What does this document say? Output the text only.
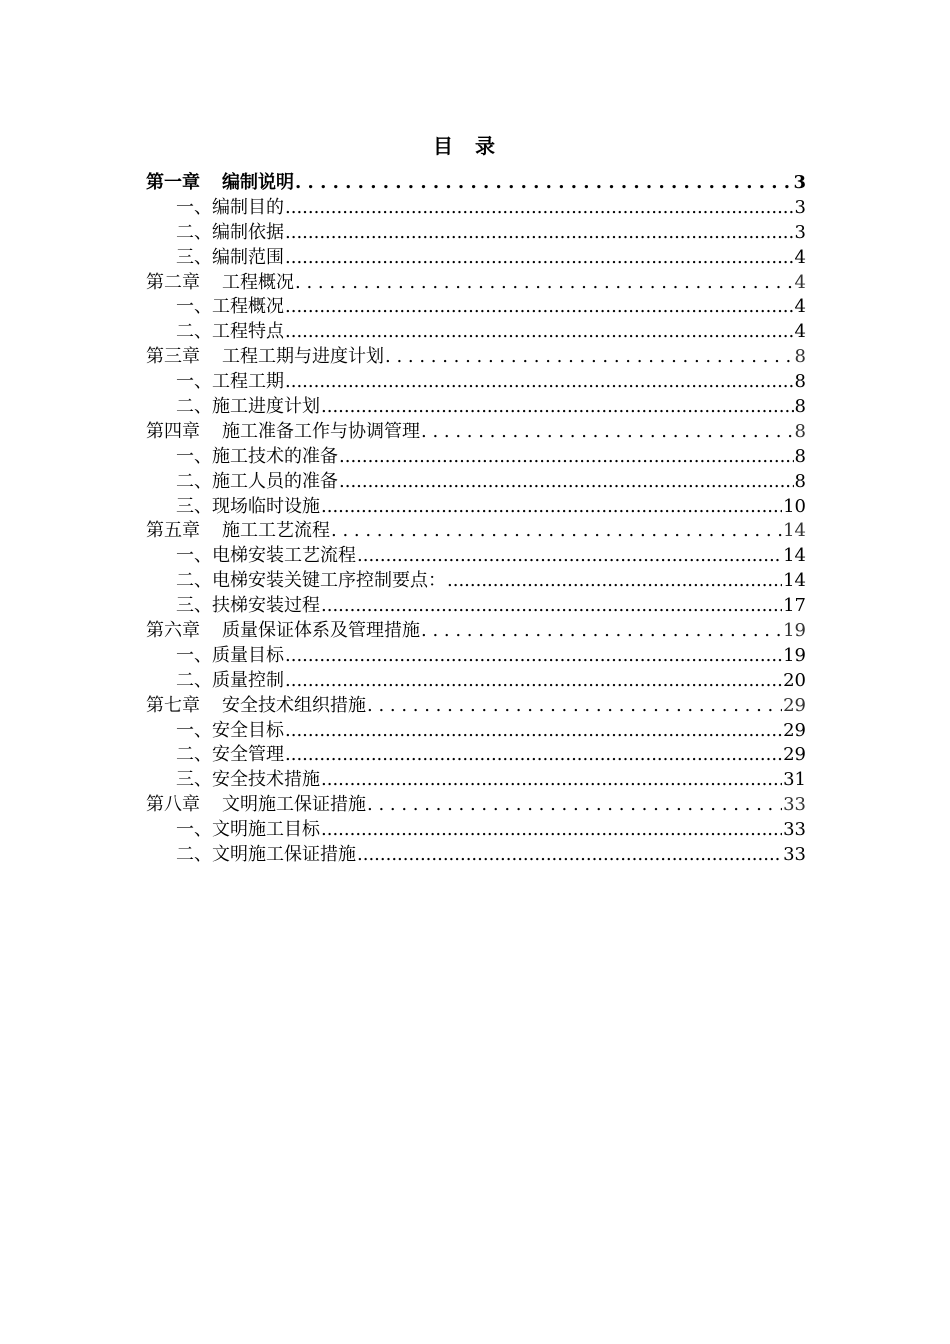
目录
第一章 编制说明 . . .	3
一、编制目的 .....	3
二、编制依据 .....	3
三、编制范围 .....	4
第二章 工程概况 . . .	4
一、工程概况 .....	4
二、工程特点 .....	4
第三章 工程工期与进度计划 . . .	8
一、工程工期 .....	8
二、施工进度计划 .....	8
第四章 施工准备工作与协调管理 . . .	8
一、施工技术的准备 .....	8
二、施工人员的准备 .....	8
三、现场临时设施 .....	10
第五章 施工工艺流程 . . .	14
一、电梯安装工艺流程 .....	14
二、电梯安装关键工序控制要点： .....	14
三、扶梯安装过程 .....	17
第六章 质量保证体系及管理措施 . . .	19
一、质量目标 .....	19
二、质量控制 .....	20
第七章 安全技术组织措施 . . .	29
一、安全目标 .....	29
二、安全管理 .....	29
三、安全技术措施 .....	31
第八章 文明施工保证措施 . . .	33
一、文明施工目标 .....	33
二、文明施工保证措施 .....	33
